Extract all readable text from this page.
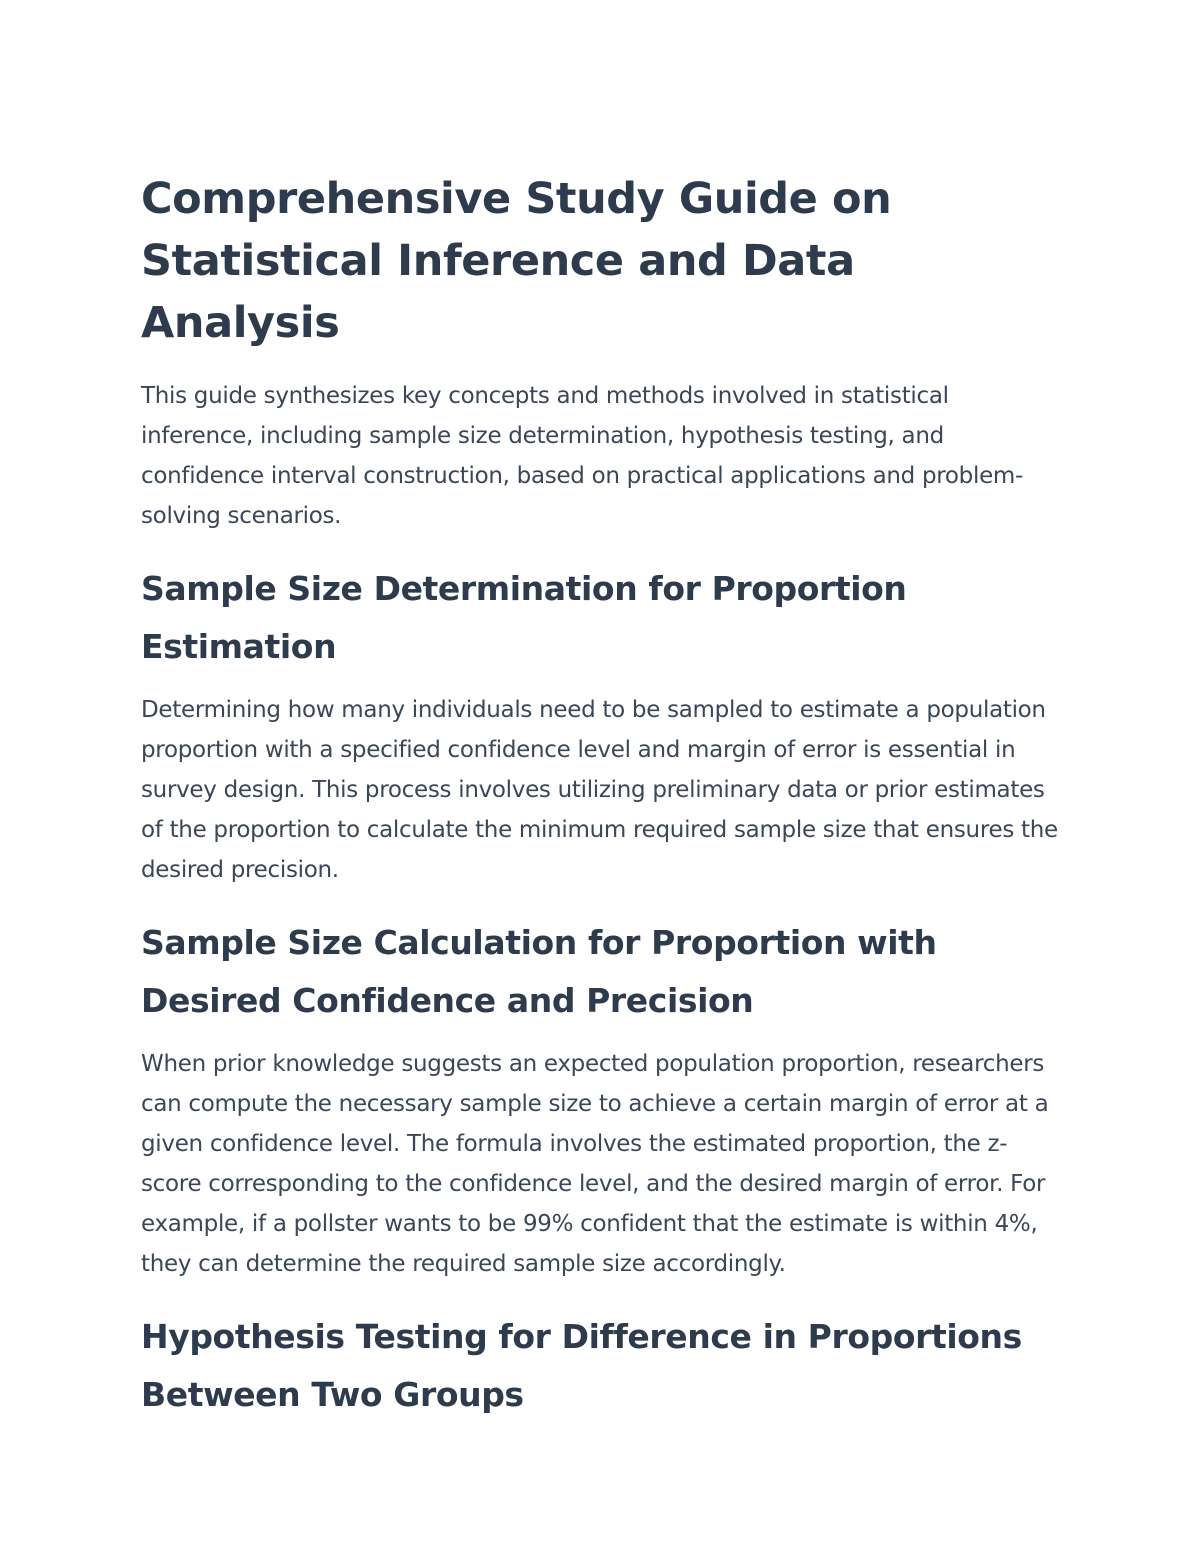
Comprehensive Study Guide on Statistical Inference and Data Analysis

This guide synthesizes key concepts and methods involved in statistical inference, including sample size determination, hypothesis testing, and confidence interval construction, based on practical applications and problem-solving scenarios.

Sample Size Determination for Proportion Estimation

Determining how many individuals need to be sampled to estimate a population proportion with a specified confidence level and margin of error is essential in survey design. This process involves utilizing preliminary data or prior estimates of the proportion to calculate the minimum required sample size that ensures the desired precision.

Sample Size Calculation for Proportion with Desired Confidence and Precision

When prior knowledge suggests an expected population proportion, researchers can compute the necessary sample size to achieve a certain margin of error at a given confidence level. The formula involves the estimated proportion, the z-score corresponding to the confidence level, and the desired margin of error. For example, if a pollster wants to be 99% confident that the estimate is within 4%, they can determine the required sample size accordingly.

Hypothesis Testing for Difference in Proportions Between Two Groups
